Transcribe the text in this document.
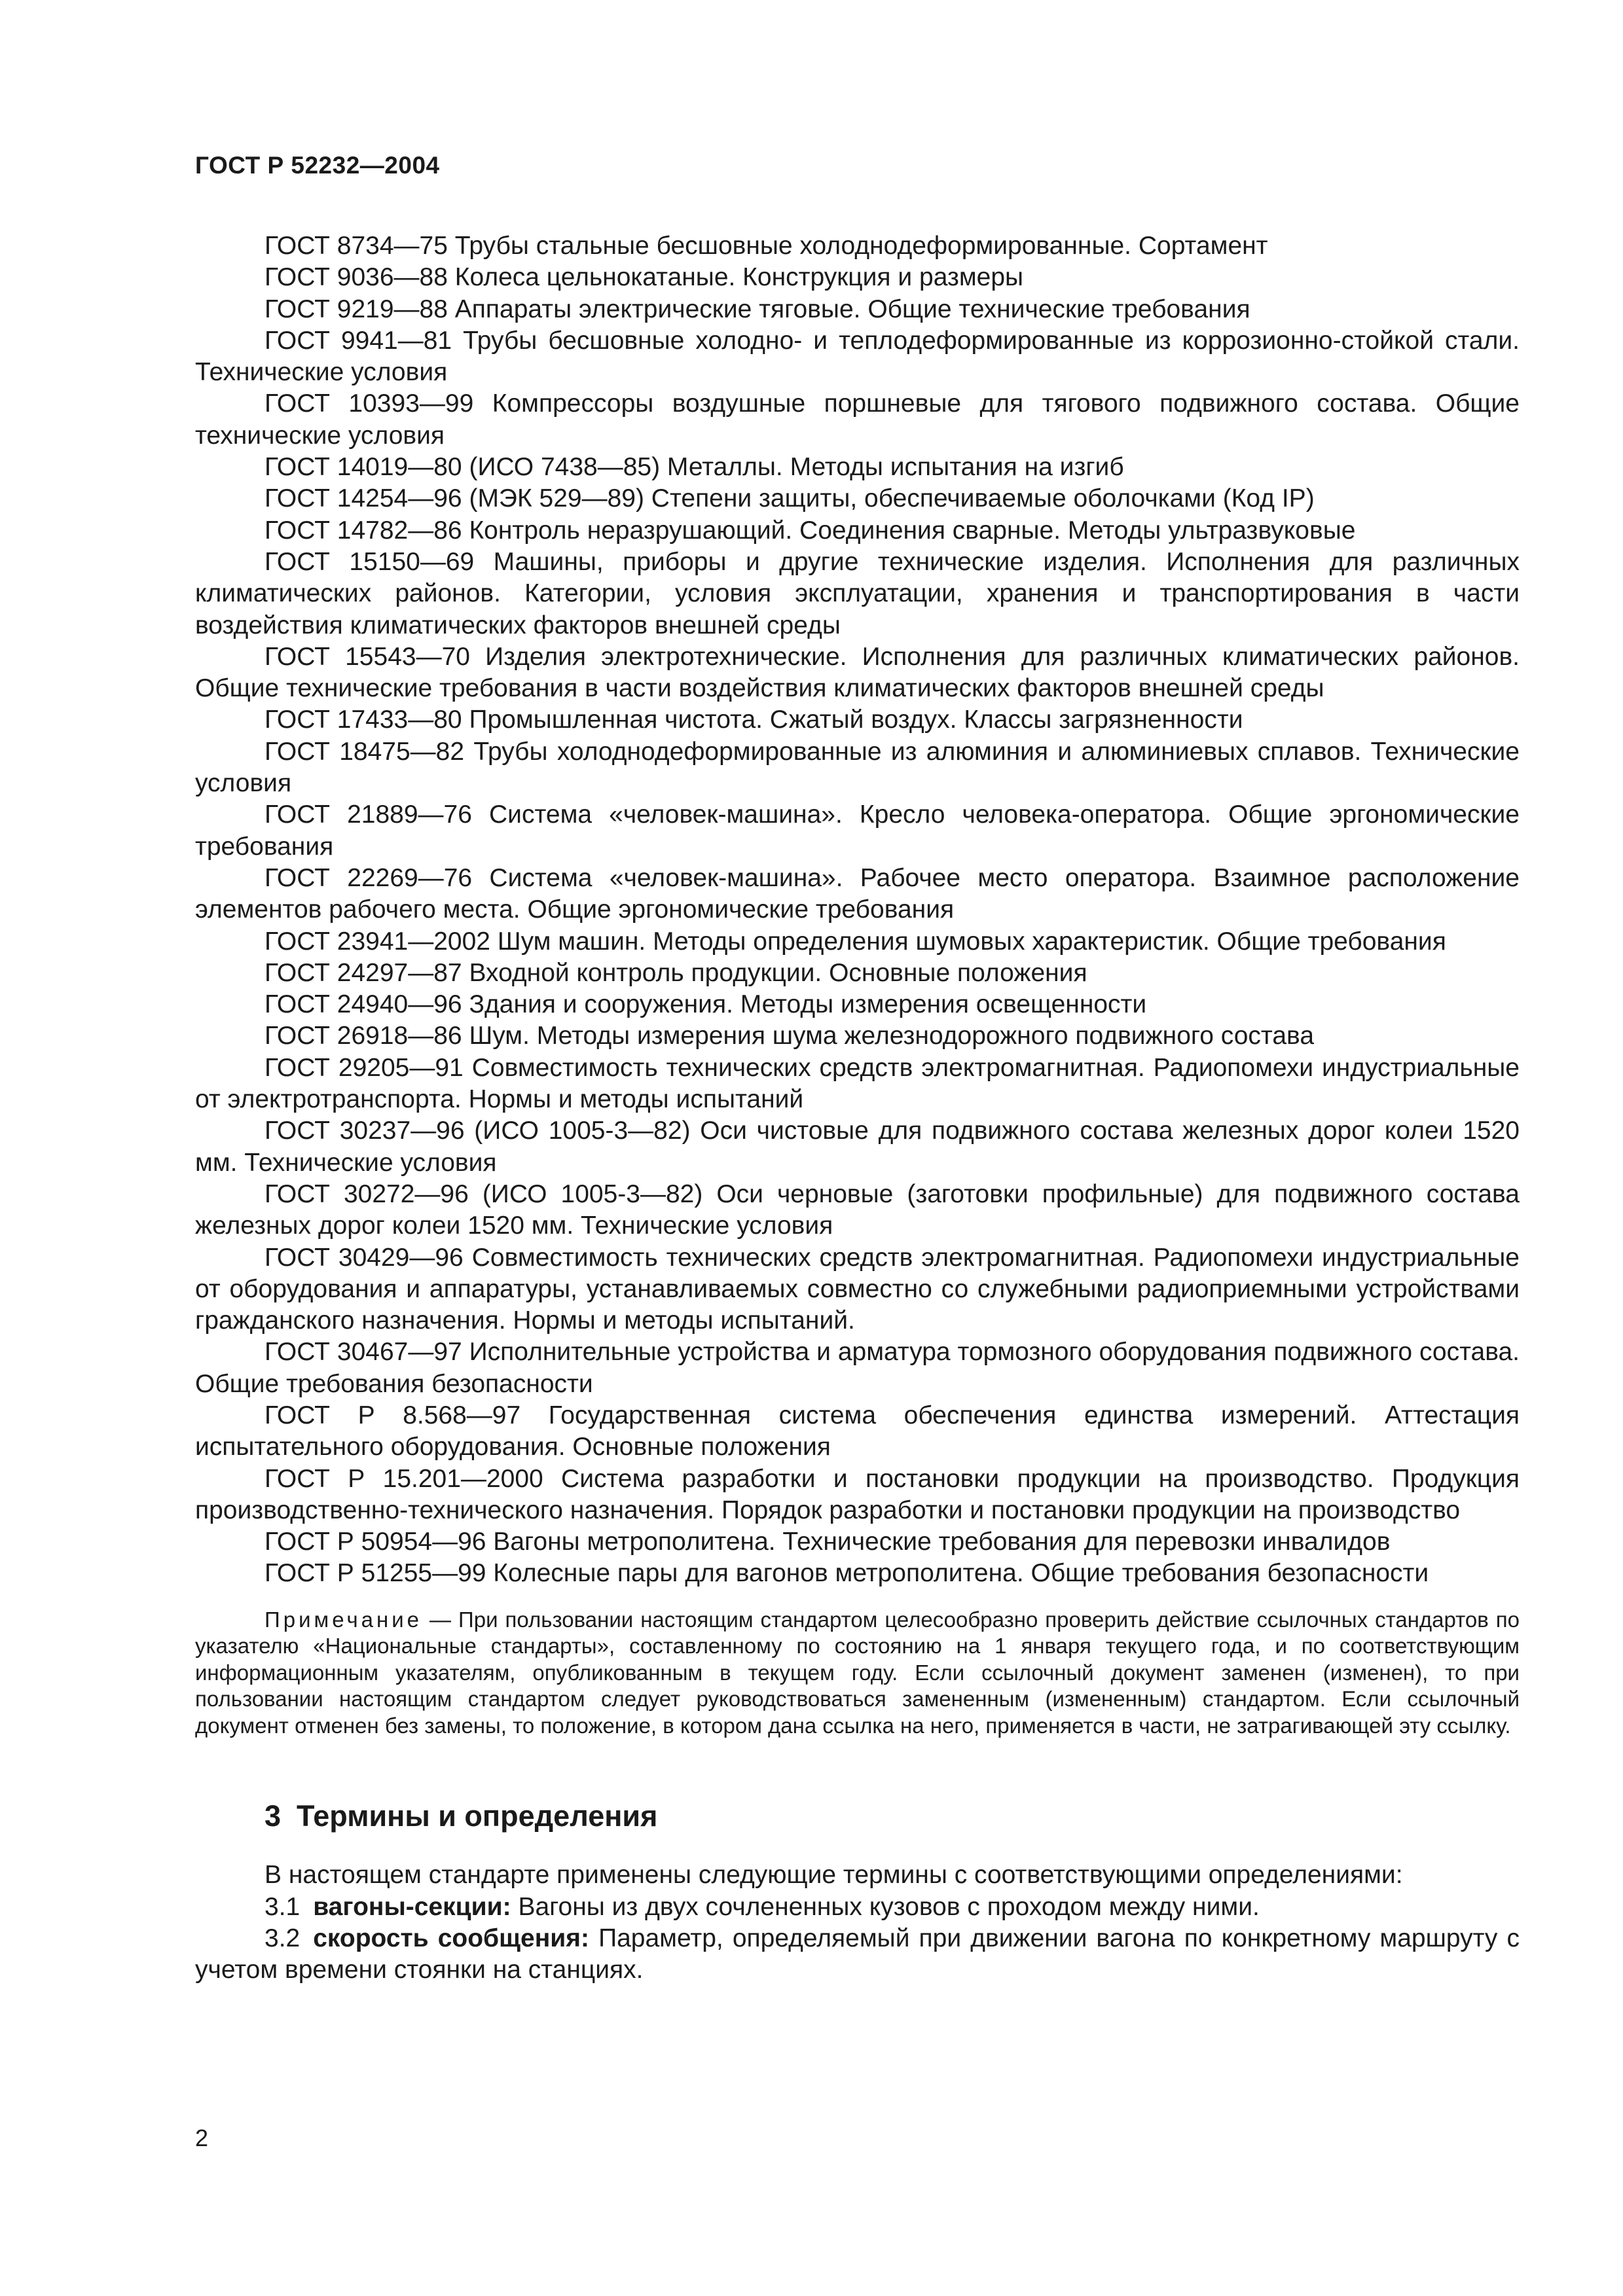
ГОСТ Р 52232—2004

ГОСТ 8734—75 Трубы стальные бесшовные холоднодеформированные. Сортамент

ГОСТ 9036—88 Колеса цельнокатаные. Конструкция и размеры

ГОСТ 9219—88 Аппараты электрические тяговые. Общие технические требования

ГОСТ 9941—81 Трубы бесшовные холодно- и теплодеформированные из коррозионно-стойкой стали. Технические условия

ГОСТ 10393—99 Компрессоры воздушные поршневые для тягового подвижного состава. Общие технические условия

ГОСТ 14019—80 (ИСО 7438—85) Металлы. Методы испытания на изгиб

ГОСТ 14254—96 (МЭК 529—89) Степени защиты, обеспечиваемые оболочками (Код IP)

ГОСТ 14782—86 Контроль неразрушающий. Соединения сварные. Методы ультразвуковые

ГОСТ 15150—69 Машины, приборы и другие технические изделия. Исполнения для различных климатических районов. Категории, условия эксплуатации, хранения и транспортирования в части воздействия климатических факторов внешней среды

ГОСТ 15543—70 Изделия электротехнические. Исполнения для различных климатических районов. Общие технические требования в части воздействия климатических факторов внешней среды

ГОСТ 17433—80 Промышленная чистота. Сжатый воздух. Классы загрязненности

ГОСТ 18475—82 Трубы холоднодеформированные из алюминия и алюминиевых сплавов. Технические условия

ГОСТ 21889—76 Система «человек-машина». Кресло человека-оператора. Общие эргономические требования

ГОСТ 22269—76 Система «человек-машина». Рабочее место оператора. Взаимное расположение элементов рабочего места. Общие эргономические требования

ГОСТ 23941—2002 Шум машин. Методы определения шумовых характеристик. Общие требования

ГОСТ 24297—87 Входной контроль продукции. Основные положения

ГОСТ 24940—96 Здания и сооружения. Методы измерения освещенности

ГОСТ 26918—86 Шум. Методы измерения шума железнодорожного подвижного состава

ГОСТ 29205—91 Совместимость технических средств электромагнитная. Радиопомехи индустриальные от электротранспорта. Нормы и методы испытаний

ГОСТ 30237—96 (ИСО 1005-3—82) Оси чистовые для подвижного состава железных дорог колеи 1520 мм. Технические условия

ГОСТ 30272—96 (ИСО 1005-3—82) Оси черновые (заготовки профильные) для подвижного состава железных дорог колеи 1520 мм. Технические условия

ГОСТ 30429—96 Совместимость технических средств электромагнитная. Радиопомехи индустриальные от оборудования и аппаратуры, устанавливаемых совместно со служебными радиоприемными устройствами гражданского назначения. Нормы и методы испытаний.

ГОСТ 30467—97 Исполнительные устройства и арматура тормозного оборудования подвижного состава. Общие требования безопасности

ГОСТ Р 8.568—97 Государственная система обеспечения единства измерений. Аттестация испытательного оборудования. Основные положения

ГОСТ Р 15.201—2000 Система разработки и постановки продукции на производство. Продукция производственно-технического назначения. Порядок разработки и постановки продукции на производство

ГОСТ Р 50954—96 Вагоны метрополитена. Технические требования для перевозки инвалидов

ГОСТ Р 51255—99 Колесные пары для вагонов метрополитена. Общие требования безопасности

Примечание — При пользовании настоящим стандартом целесообразно проверить действие ссылочных стандартов по указателю «Национальные стандарты», составленному по состоянию на 1 января текущего года, и по соответствующим информационным указателям, опубликованным в текущем году. Если ссылочный документ заменен (изменен), то при пользовании настоящим стандартом следует руководствоваться замененным (измененным) стандартом. Если ссылочный документ отменен без замены, то положение, в котором дана ссылка на него, применяется в части, не затрагивающей эту ссылку.
3 Термины и определения

В настоящем стандарте применены следующие термины с соответствующими определениями:

3.1 вагоны-секции: Вагоны из двух сочлененных кузовов с проходом между ними.

3.2 скорость сообщения: Параметр, определяемый при движении вагона по конкретному маршруту с учетом времени стоянки на станциях.

2
